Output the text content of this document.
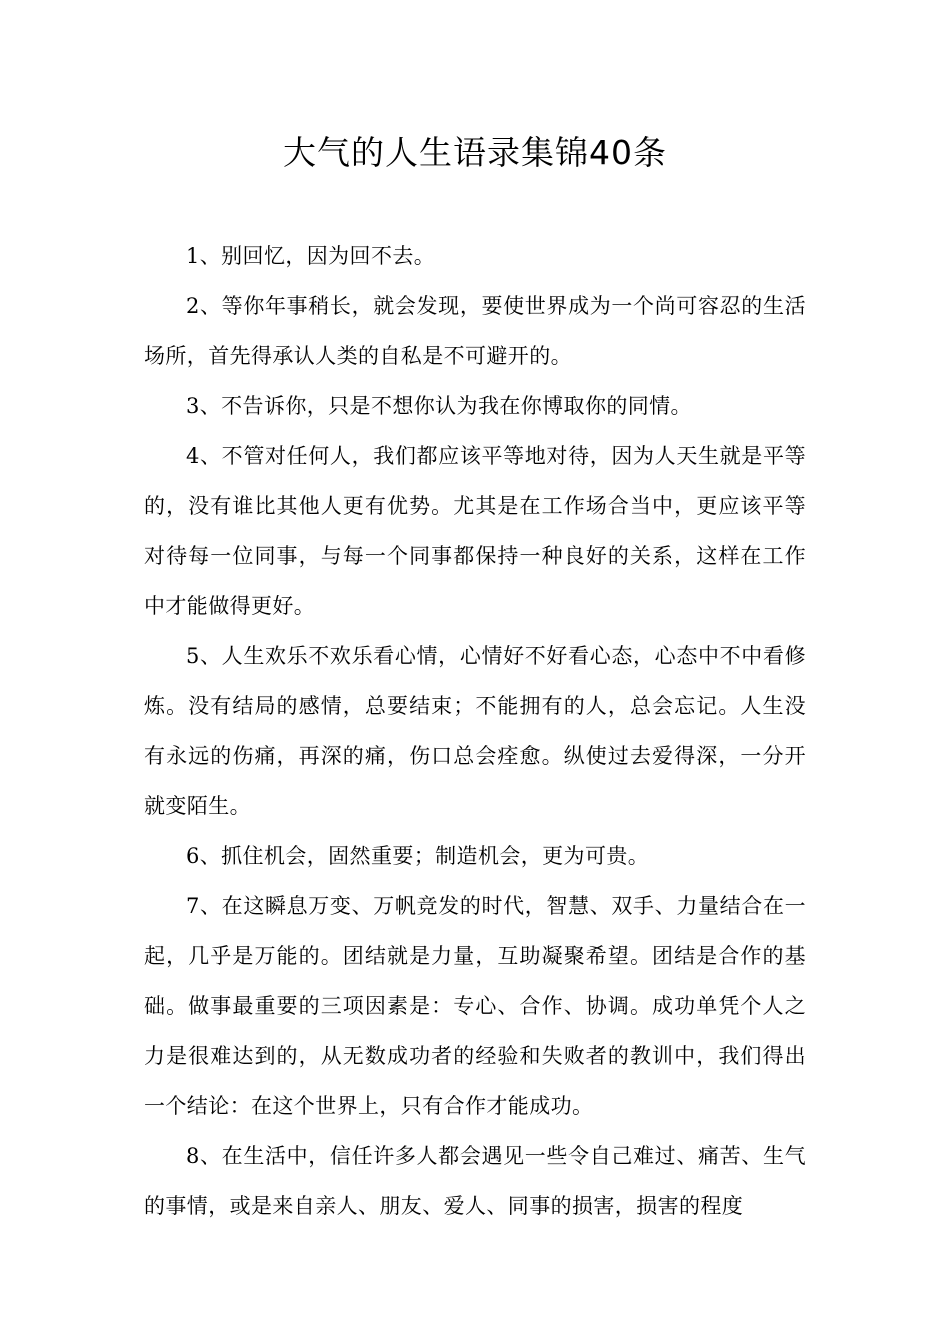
大气的人生语录集锦40条

1、别回忆，因为回不去。

2、等你年事稍长，就会发现，要使世界成为一个尚可容忍的生活场所，首先得承认人类的自私是不可避开的。

3、不告诉你，只是不想你认为我在你博取你的同情。

4、不管对任何人，我们都应该平等地对待，因为人天生就是平等的，没有谁比其他人更有优势。尤其是在工作场合当中，更应该平等对待每一位同事，与每一个同事都保持一种良好的关系，这样在工作中才能做得更好。

5、人生欢乐不欢乐看心情，心情好不好看心态，心态中不中看修炼。没有结局的感情，总要结束；不能拥有的人，总会忘记。人生没有永远的伤痛，再深的痛，伤口总会痊愈。纵使过去爱得深，一分开就变陌生。

6、抓住机会，固然重要；制造机会，更为可贵。

7、在这瞬息万变、万帆竞发的时代，智慧、双手、力量结合在一起，几乎是万能的。团结就是力量，互助凝聚希望。团结是合作的基础。做事最重要的三项因素是：专心、合作、协调。成功单凭个人之力是很难达到的，从无数成功者的经验和失败者的教训中，我们得出一个结论：在这个世界上，只有合作才能成功。

8、在生活中，信任许多人都会遇见一些令自己难过、痛苦、生气的事情，或是来自亲人、朋友、爱人、同事的损害，损害的程度
